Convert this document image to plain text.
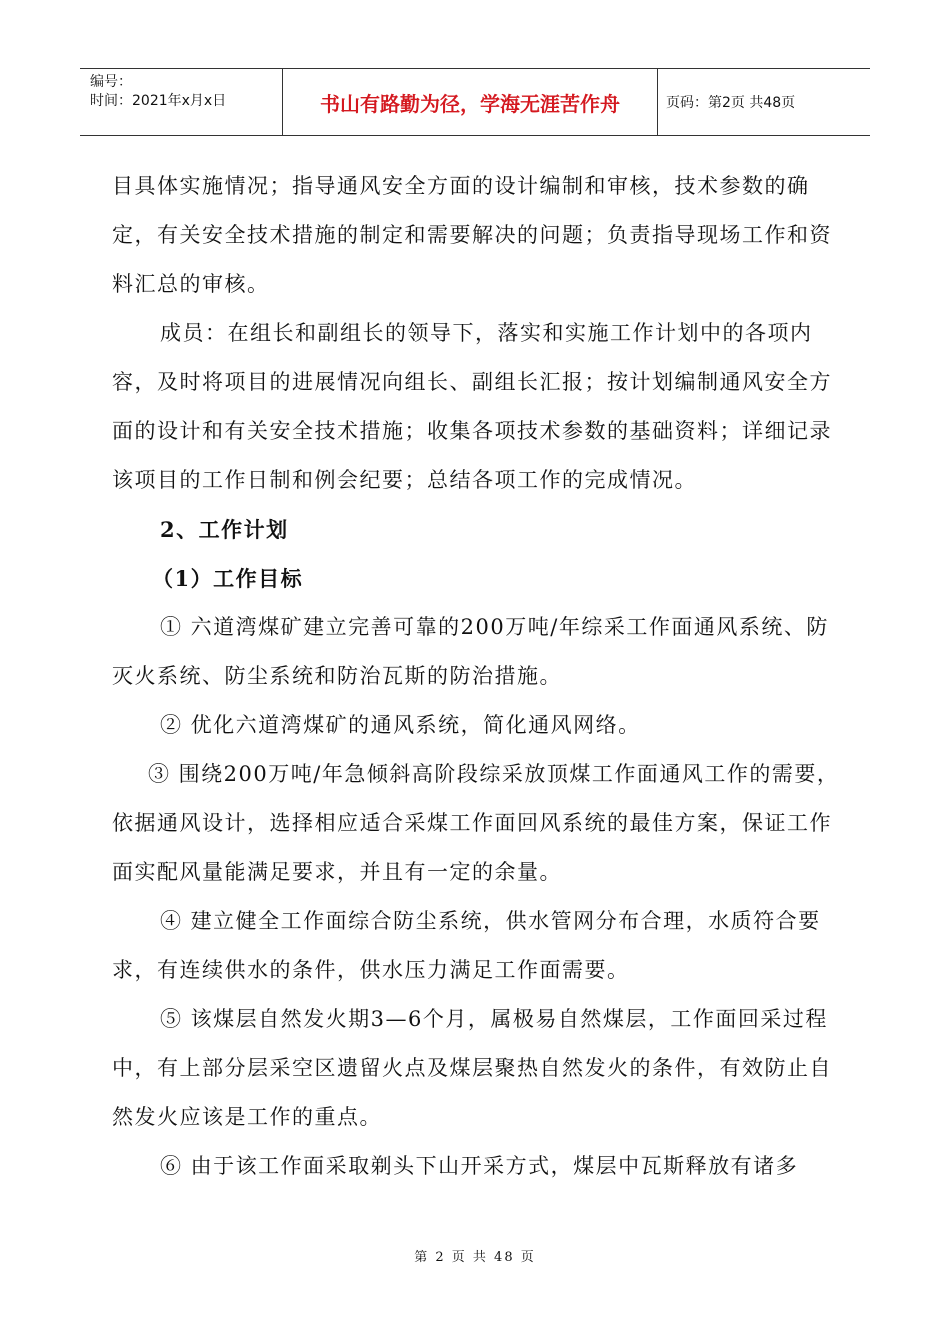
编号：
时间：2021年x月x日	书山有路勤为径，学海无涯苦作舟	页码：第2页 共48页

目具体实施情况；指导通风安全方面的设计编制和审核，技术参数的确定，有关安全技术措施的制定和需要解决的问题；负责指导现场工作和资料汇总的审核。

成员：在组长和副组长的领导下，落实和实施工作计划中的各项内容，及时将项目的进展情况向组长、副组长汇报；按计划编制通风安全方面的设计和有关安全技术措施；收集各项技术参数的基础资料；详细记录该项目的工作日制和例会纪要；总结各项工作的完成情况。

2、工作计划

（1）工作目标

① 六道湾煤矿建立完善可靠的200万吨/年综采工作面通风系统、防灭火系统、防尘系统和防治瓦斯的防治措施。

② 优化六道湾煤矿的通风系统，简化通风网络。

③ 围绕200万吨/年急倾斜高阶段综采放顶煤工作面通风工作的需要，依据通风设计，选择相应适合采煤工作面回风系统的最佳方案，保证工作面实配风量能满足要求，并且有一定的余量。

④ 建立健全工作面综合防尘系统，供水管网分布合理，水质符合要求，有连续供水的条件，供水压力满足工作面需要。

⑤ 该煤层自然发火期3—6个月，属极易自然煤层，工作面回采过程中，有上部分层采空区遗留火点及煤层聚热自然发火的条件，有效防止自然发火应该是工作的重点。

⑥ 由于该工作面采取剃头下山开采方式，煤层中瓦斯释放有诸多

第 2 页 共 48 页
